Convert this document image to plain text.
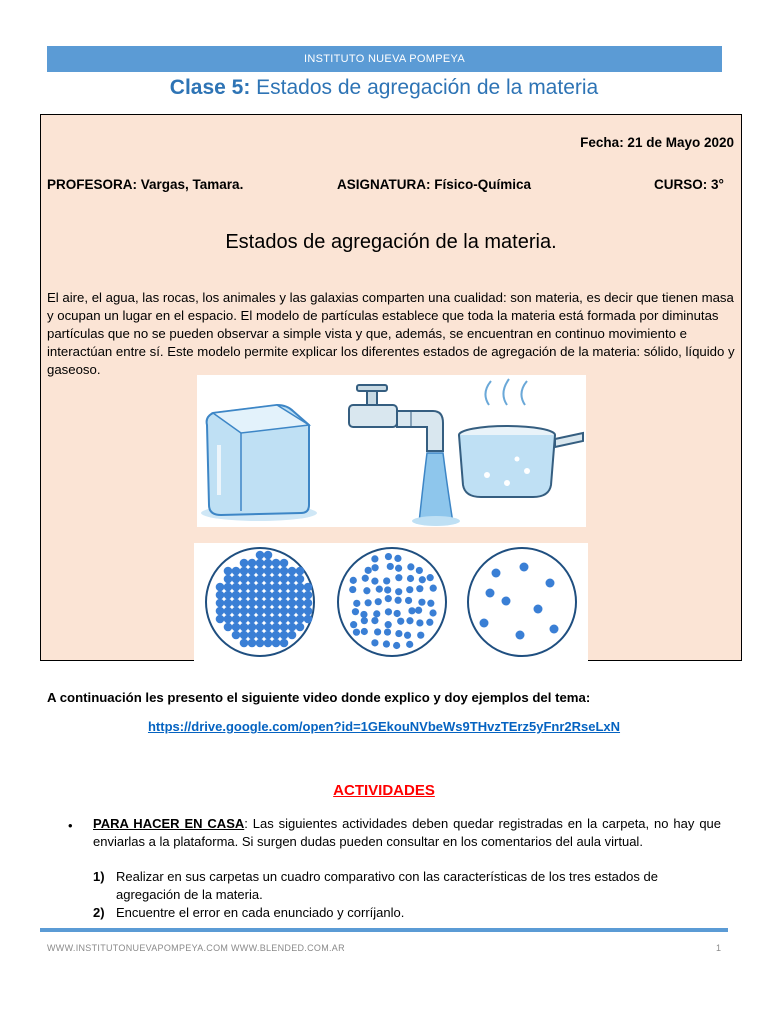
INSTITUTO NUEVA POMPEYA
Clase 5: Estados de agregación de la materia
Fecha: 21 de Mayo 2020
PROFESORA: Vargas, Tamara.	ASIGNATURA: Físico-Química	CURSO: 3°
Estados de agregación de la materia.
El aire, el agua, las rocas, los animales y las galaxias comparten una cualidad: son materia, es decir que tienen masa y ocupan un lugar en el espacio. El modelo de partículas establece que toda la materia está formada por diminutas partículas que no se pueden observar a simple vista y que, además, se encuentran en continuo movimiento e interactúan entre sí. Este modelo permite explicar los diferentes estados de agregación de la materia: sólido, líquido y gaseoso.
A continuación les presento el siguiente video donde explico y doy ejemplos del tema:
https://drive.google.com/open?id=1GEkouNVbeWs9THvzTErz5yFnr2RseLxN
ACTIVIDADES
• PARA HACER EN CASA: Las siguientes actividades deben quedar registradas en la carpeta, no hay que enviarlas a la plataforma. Si surgen dudas pueden consultar en los comentarios del aula virtual.
1) Realizar en sus carpetas un cuadro comparativo con las características de los tres estados de agregación de la materia.
2) Encuentre el error en cada enunciado y corríjanlo.
WWW.INSTITUTONUEVAPOMPEYA.COM WWW.BLENDED.COM.AR	1
